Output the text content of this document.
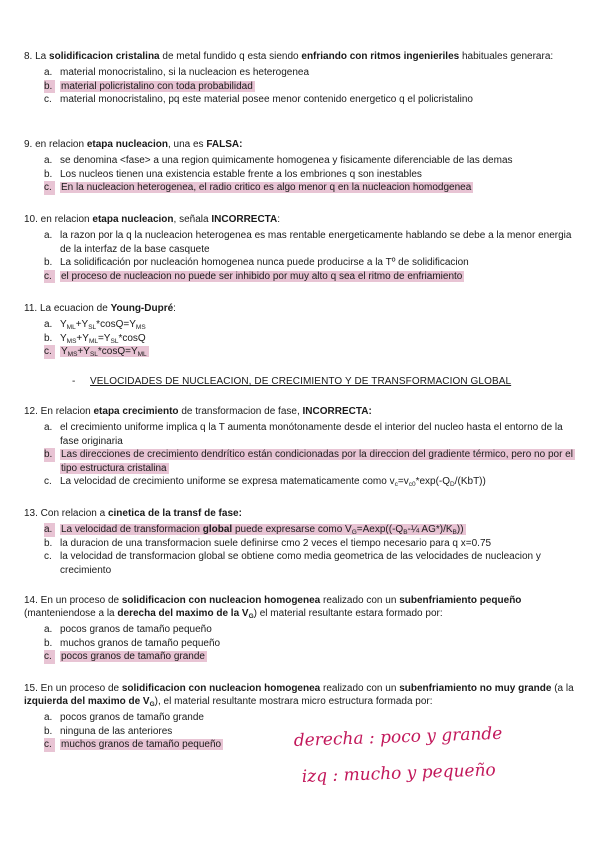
8. La solidificacion cristalina de metal fundido q esta siendo enfriando con ritmos ingenieriles habituales generara:

a. material monocristalino, si la nucleacion es heterogenea
b. material policristalino con toda probabilidad
c. material monocristalino, pq este material posee menor contenido energetico q el policristalino

9. en relacion etapa nucleacion, una es FALSA:

a. se denomina <fase> a una region quimicamente homogenea y fisicamente diferenciable de las demas
b. Los nucleos tienen una existencia estable frente a los embriones q son inestables
c. En la nucleacion heterogenea, el radio critico es algo menor q en la nucleacion homodgenea

10. en relacion etapa nucleacion, señala INCORRECTA:

a. la razon por la q la nucleacion heterogenea es mas rentable energeticamente hablando se debe a la menor energia de la interfaz de la base casquete
b. La solidificación por nucleación homogenea nunca puede producirse a la Tº de solidificacion
c. el proceso de nucleacion no puede ser inhibido por muy alto q sea el ritmo de enfriamiento

11. La ecuacion de Young-Dupré:

a. $Y_{ML}+Y_{SL}*\cos Q=Y_{MS}$
b. $Y_{MS}+Y_{ML}=Y_{SL}*\cos Q$
c. $Y_{MS}+Y_{SL}*\cos Q=Y_{ML}$
- VELOCIDADES DE NUCLEACION, DE CRECIMIENTO Y DE TRANSFORMACION GLOBAL

12. En relacion etapa crecimiento de transformacion de fase, INCORRECTA:

a. el crecimiento uniforme implica q la T aumenta monótonamente desde el interior del nucleo hasta el entorno de la fase originaria
b. Las direcciones de crecimiento dendrítico están condicionadas por la direccion del gradiente térmico, pero no por el tipo estructura cristalina
c. La velocidad de crecimiento uniforme se expresa matematicamente como $v_c=v_{c0}*\exp(-Q_D/(KbT))$

13. Con relacion a cinetica de la transf de fase:

a. La velocidad de transformacion global puede expresarse como $V_G=Aexp((-Q_B-\frac{1}{4}$ $AG*)/K_B$))
b. la duracion de una transformacion suele definirse cmo 2 veces el tiempo necesario para q x=0.75
c. la velocidad de transformacion global se obtiene como media geometrica de las velocidades de nucleacion y crecimiento

14. En un proceso de solidificacion con nucleacion homogenea realizado con un subenfriamiento pequeño (manteniendose a la derecha del maximo de la $V_G$) el material resultante estara formado por:

a. pocos granos de tamaño pequeño
b. muchos granos de tamaño pequeño
c. pocos granos de tamaño grande

15. En un proceso de solidificacion con nucleacion homogenea realizado con un subenfriamiento no muy grande (a la izquierda del maximo de $V_G$), el material resultante mostrara micro estructura formada por:

a. pocos granos de tamaño grande
b. ninguna de las anteriores
c. muchos granos de tamaño pequeño	derecha : poco y grande
izq : mucho y pequeño
